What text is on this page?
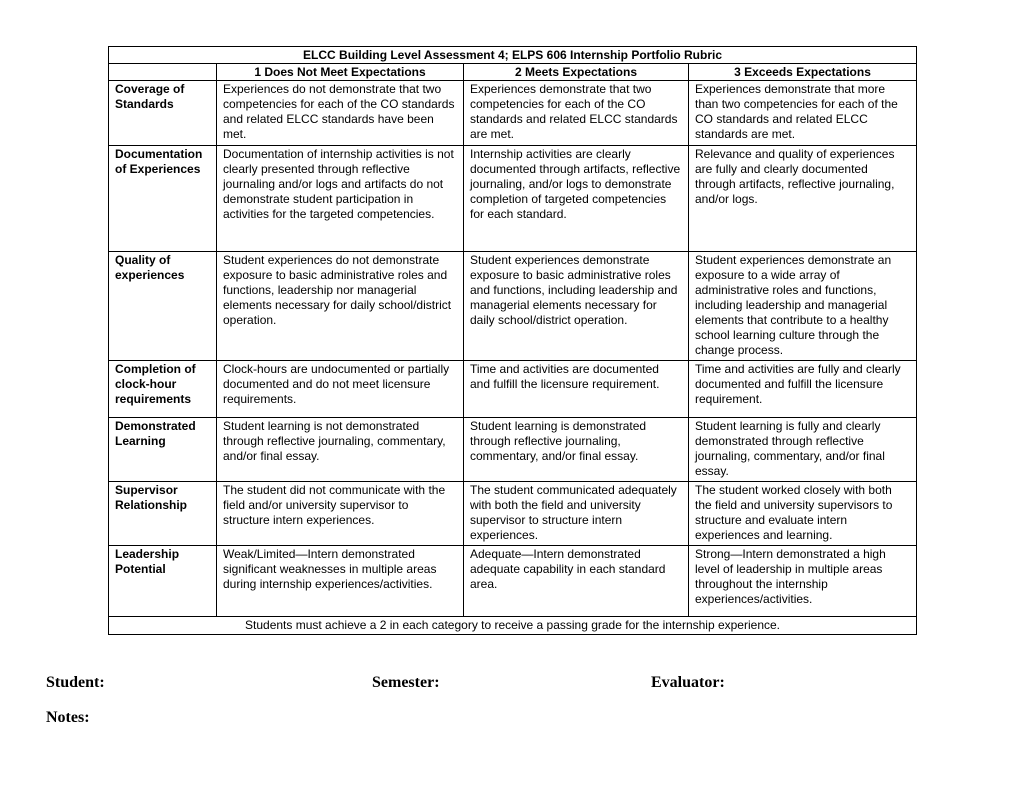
ELCC Building Level Assessment 4; ELPS 606 Internship Portfolio Rubric			
	1 Does Not Meet Expectations	2 Meets Expectations	3 Exceeds Expectations
Coverage of Standards	Experiences do not demonstrate that two competencies for each of the CO standards and related ELCC standards have been met.	Experiences demonstrate that two competencies for each of the CO standards and related ELCC standards are met.	Experiences demonstrate that more than two competencies for each of the CO standards and related ELCC standards are met.
Documentation of Experiences	Documentation of internship activities is not clearly presented through reflective journaling and/or logs and artifacts do not demonstrate student participation in activities for the targeted competencies.	Internship activities are clearly documented through artifacts, reflective journaling, and/or logs to demonstrate completion of targeted competencies for each standard.	Relevance and quality of experiences are fully and clearly documented through artifacts, reflective journaling, and/or logs.
Quality of experiences	Student experiences do not demonstrate exposure to basic administrative roles and functions, leadership nor managerial elements necessary for daily school/district operation.	Student experiences demonstrate exposure to basic administrative roles and functions, including leadership and managerial elements necessary for daily school/district operation.	Student experiences demonstrate an exposure to a wide array of administrative roles and functions, including leadership and managerial elements that contribute to a healthy school learning culture through the change process.
Completion of clock-hour requirements	Clock-hours are undocumented or partially documented and do not meet licensure requirements.	Time and activities are documented and fulfill the licensure requirement.	Time and activities are fully and clearly documented and fulfill the licensure requirement.
Demonstrated Learning	Student learning is not demonstrated through reflective journaling, commentary, and/or final essay.	Student learning is demonstrated through reflective journaling, commentary, and/or final essay.	Student learning is fully and clearly demonstrated through reflective journaling, commentary, and/or final essay.
Supervisor Relationship	The student did not communicate with the field and/or university supervisor to structure intern experiences.	The student communicated adequately with both the field and university supervisor to structure intern experiences.	The student worked closely with both the field and university supervisors to structure and evaluate intern experiences and learning.
Leadership Potential	Weak/Limited—Intern demonstrated significant weaknesses in multiple areas during internship experiences/activities.	Adequate—Intern demonstrated adequate capability in each standard area.	Strong—Intern demonstrated a high level of leadership in multiple areas throughout the internship experiences/activities.
Students must achieve a 2 in each category to receive a passing grade for the internship experience.			
Student:	Semester:	Evaluator:
Notes:
